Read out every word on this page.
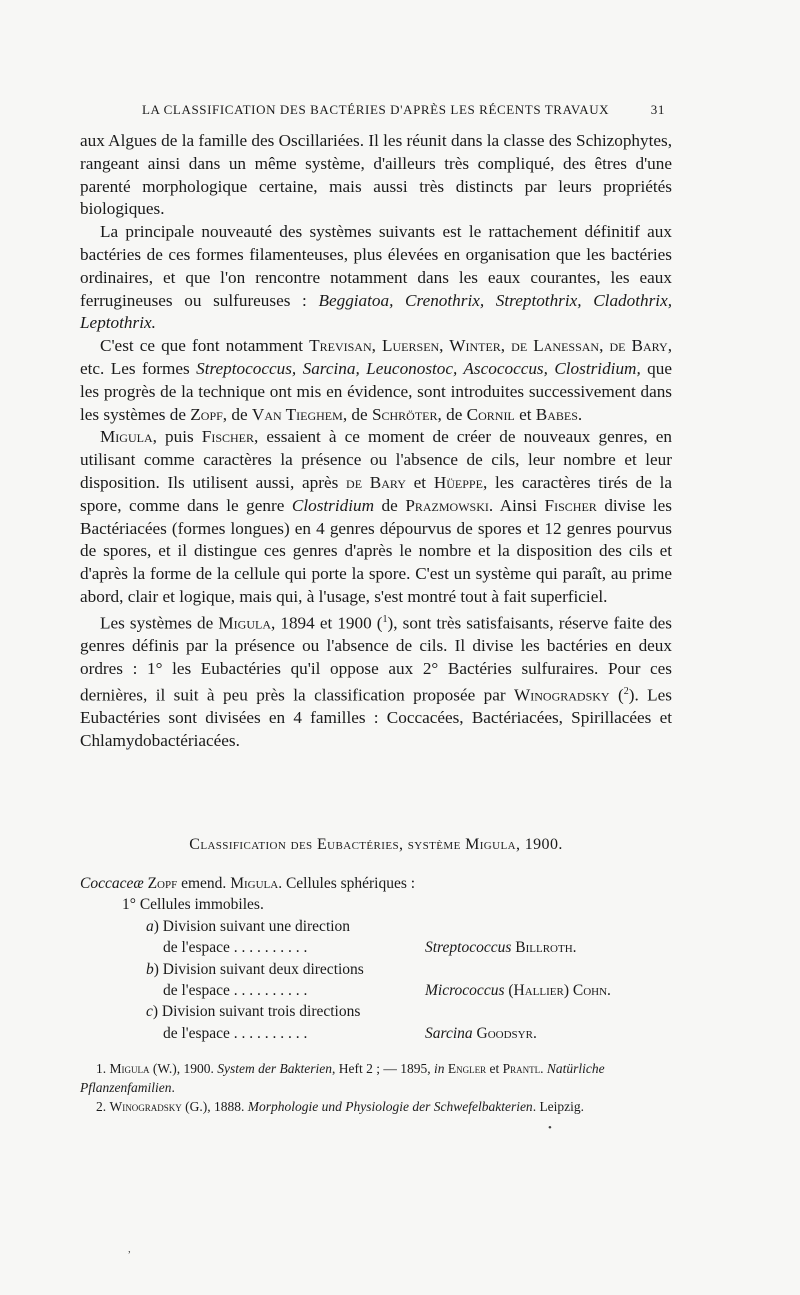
LA CLASSIFICATION DES BACTÉRIES D'APRÈS LES RÉCENTS TRAVAUX	31

aux Algues de la famille des Oscillariées. Il les réunit dans la classe des Schizophytes, rangeant ainsi dans un même système, d'ailleurs très compliqué, des êtres d'une parenté morphologique certaine, mais aussi très distincts par leurs propriétés biologiques.

La principale nouveauté des systèmes suivants est le rattachement définitif aux bactéries de ces formes filamenteuses, plus élevées en organisation que les bactéries ordinaires, et que l'on rencontre notamment dans les eaux courantes, les eaux ferrugineuses ou sulfureuses : Beggiatoa, Crenothrix, Streptothrix, Cladothrix, Leptothrix.

C'est ce que font notamment Trevisan, Luersen, Winter, de Lanessan, de Bary, etc. Les formes Streptococcus, Sarcina, Leuconostoc, Ascococcus, Clostridium, que les progrès de la technique ont mis en évidence, sont introduites successivement dans les systèmes de Zopf, de Van Tieghem, de Schröter, de Cornil et Babes.

Migula, puis Fischer, essaient à ce moment de créer de nouveaux genres, en utilisant comme caractères la présence ou l'absence de cils, leur nombre et leur disposition. Ils utilisent aussi, après de Bary et Hüeppe, les caractères tirés de la spore, comme dans le genre Clostridium de Prazmowski. Ainsi Fischer divise les Bactériacées (formes longues) en 4 genres dépourvus de spores et 12 genres pourvus de spores, et il distingue ces genres d'après le nombre et la disposition des cils et d'après la forme de la cellule qui porte la spore. C'est un système qui paraît, au prime abord, clair et logique, mais qui, à l'usage, s'est montré tout à fait superficiel.

Les systèmes de Migula, 1894 et 1900 ($^1$), sont très satisfaisants, réserve faite des genres définis par la présence ou l'absence de cils. Il divise les bactéries en deux ordres : 1° les Eubactéries qu'il oppose aux 2° Bactéries sulfuraires. Pour ces dernières, il suit à peu près la classification proposée par Winogradsky ($^2$). Les Eubactéries sont divisées en 4 familles : Coccacées, Bactériacées, Spirillacées et Chlamydobactériacées.

Classification des Eubactéries, système Migula, 1900.
Coccaceæ Zopf emend. Migula. Cellules sphériques :
1° Cellules immobiles.
a) Division suivant une direction
de l'espace . . . . . . . . . .	Streptococcus Billroth.
b) Division suivant deux directions
de l'espace . . . . . . . . . .	Micrococcus (Hallier) Cohn.
c) Division suivant trois directions
de l'espace . . . . . . . . . .	Sarcina Goodsyr.

1. Migula (W.), 1900. System der Bakterien, Heft 2 ; — 1895, in Engler et Prantl. Natürliche Pflanzenfamilien.

2. Winogradsky (G.), 1888. Morphologie und Physiologie der Schwefelbakterien. Leipzig.

•
,
